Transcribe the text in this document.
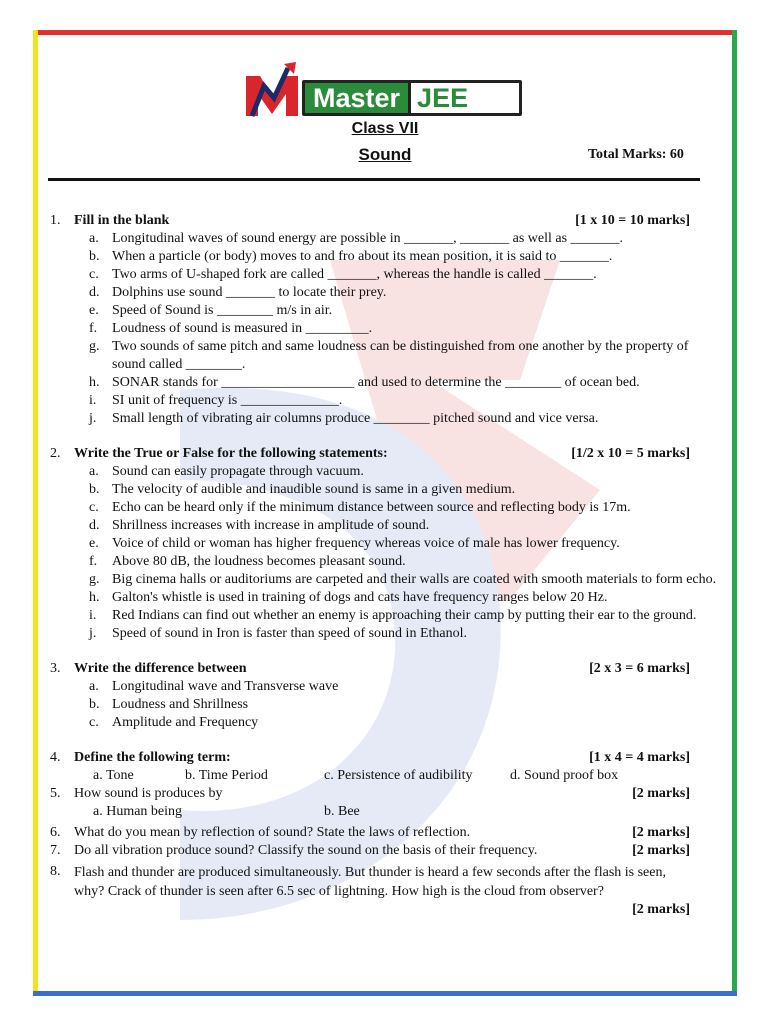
Master JEE
Class VII
Sound	Total Marks: 60
1. Fill in the blank	[1 x 10 = 10 marks]
a. Longitudinal waves of sound energy are possible in _______, _______ as well as _______.
b. When a particle (or body) moves to and fro about its mean position, it is said to _______.
c. Two arms of U-shaped fork are called _______, whereas the handle is called _______.
d. Dolphins use sound _______ to locate their prey.
e. Speed of Sound is ________ m/s in air.
f. Loudness of sound is measured in _________.
g. Two sounds of same pitch and same loudness can be distinguished from one another by the property of sound called ________.
h. SONAR stands for ___________________ and used to determine the ________ of ocean bed.
i. SI unit of frequency is ______________.
j. Small length of vibrating air columns produce ________ pitched sound and vice versa.
2. Write the True or False for the following statements:	[1/2 x 10 = 5 marks]
a. Sound can easily propagate through vacuum.
b. The velocity of audible and inaudible sound is same in a given medium.
c. Echo can be heard only if the minimum distance between source and reflecting body is 17m.
d. Shrillness increases with increase in amplitude of sound.
e. Voice of child or woman has higher frequency whereas voice of male has lower frequency.
f. Above 80 dB, the loudness becomes pleasant sound.
g. Big cinema halls or auditoriums are carpeted and their walls are coated with smooth materials to form echo.
h. Galton's whistle is used in training of dogs and cats have frequency ranges below 20 Hz.
i. Red Indians can find out whether an enemy is approaching their camp by putting their ear to the ground.
j. Speed of sound in Iron is faster than speed of sound in Ethanol.
3. Write the difference between	[2 x 3 = 6 marks]
a. Longitudinal wave and Transverse wave
b. Loudness and Shrillness
c. Amplitude and Frequency
4. Define the following term:	[1 x 4 = 4 marks]
a. Tone	b. Time Period	c. Persistence of audibility	d. Sound proof box
5. How sound is produces by	[2 marks]
a. Human being	b. Bee
6. What do you mean by reflection of sound? State the laws of reflection.	[2 marks]
7. Do all vibration produce sound? Classify the sound on the basis of their frequency.	[2 marks]
8. Flash and thunder are produced simultaneously. But thunder is heard a few seconds after the flash is seen, why? Crack of thunder is seen after 6.5 sec of lightning. How high is the cloud from observer?
[2 marks]
